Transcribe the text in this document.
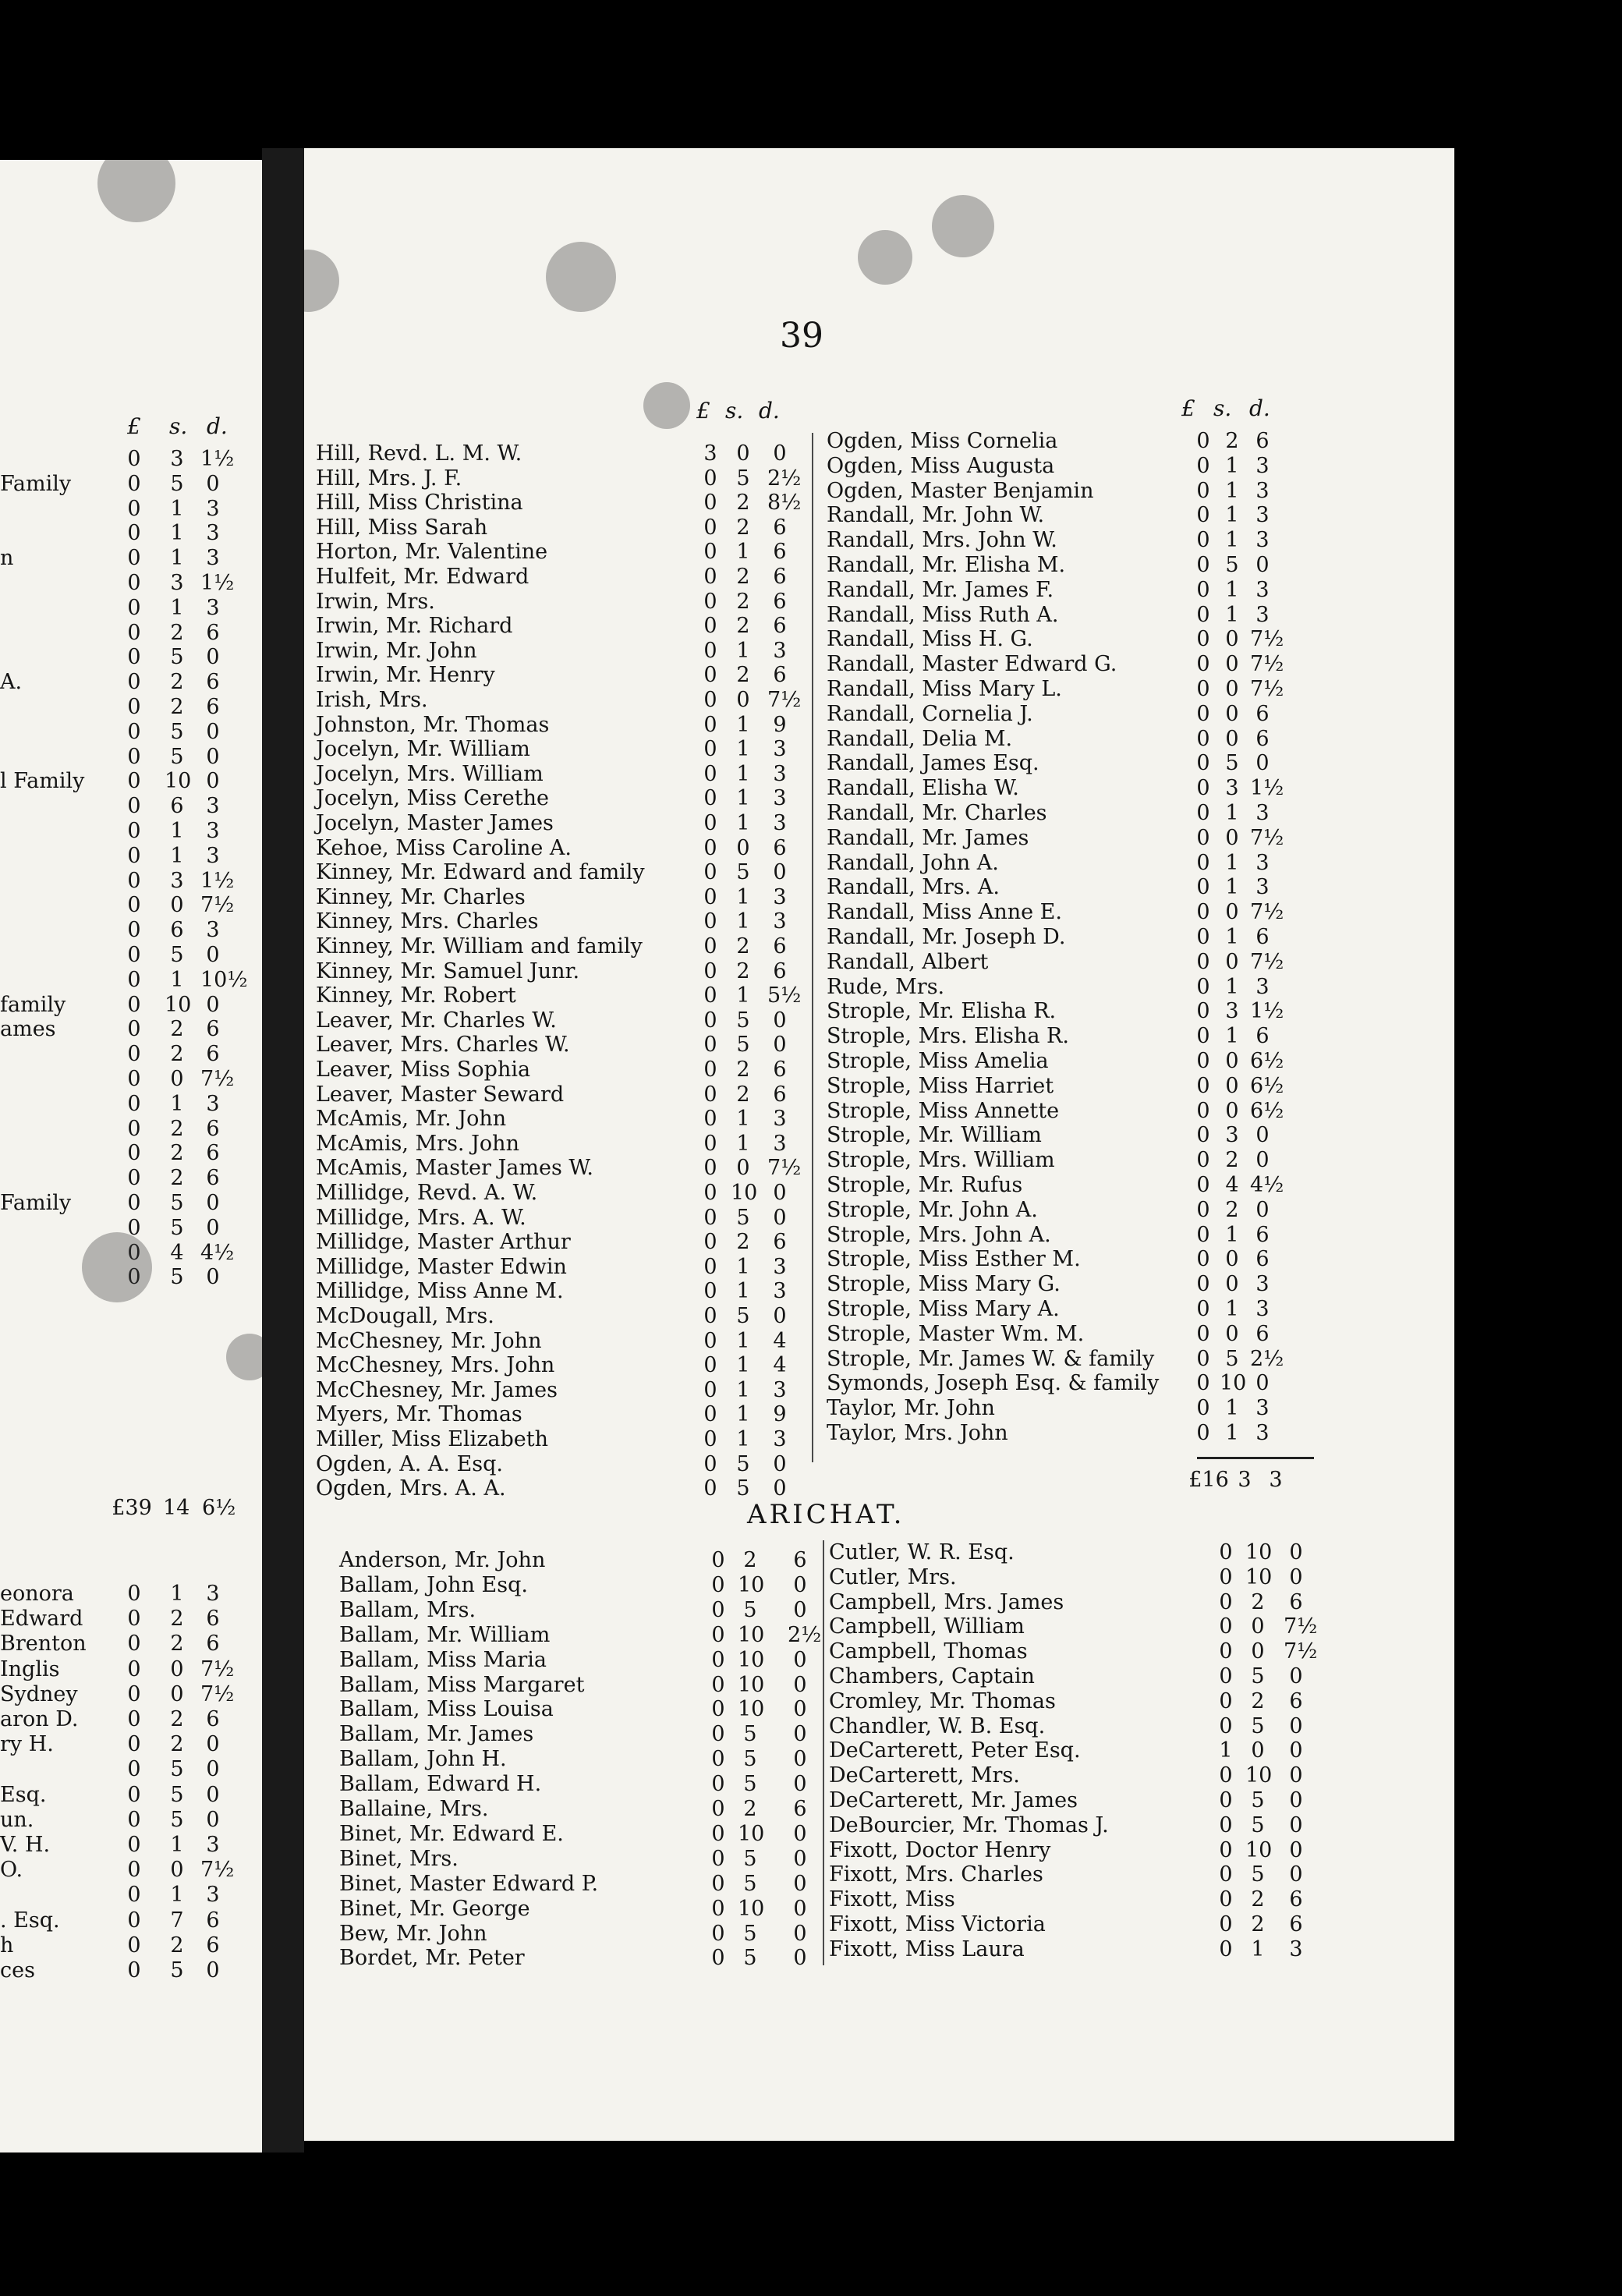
£ s. d.
0 3 1½
Family	0 5 0
0 1 3
0 1 3
n	0 1 3
0 3 1½
0 1 3
0 2 6
0 5 0
A.	0 2 6
0 2 6
0 5 0
0 5 0
l Family 0 10 0
0 6 3
0 1 3
0 1 3
0 3 1½
0 0 7½
0 6 3
0 5 0
0 1 10½
family	0 10 0
ames	0 2 6
0 2 6
0 0 7½
0 1 3
0 2 6
0 2 6
0 2 6
Family	0 5 0
0 5 0
0 4 4½
0 5 0
£39 14 6½
eonora	0 1 3
Edward 0 2 6
Brenton 0 2 6
Inglis	0 0 7½
Sydney 0 0 7½
aron D. 0 2 6
ry H.	0 2 0
0 5 0
Esq.	0 5 0
un.	0 5 0
V. H.	0 1 3
O.	0 0 7½
0 1 3
. Esq.	0 7 6
h	0 2 6
ces	0 5 0
39
£ s. d.	£ s. d.
Hill, Revd. L. M. W.	3 0 0
Hill, Mrs. J. F.	0 5 2½
Hill, Miss Christina	0 2 8½
Hill, Miss Sarah	0 2 6
Horton, Mr. Valentine	0 1 6
Hulfeit, Mr. Edward	0 2 6
Irwin, Mrs.	0 2 6
Irwin, Mr. Richard	0 2 6
Irwin, Mr. John	0 1 3
Irwin, Mr. Henry	0 2 6
Irish, Mrs.	0 0 7½
Johnston, Mr. Thomas	0 1 9
Jocelyn, Mr. William	0 1 3
Jocelyn, Mrs. William	0 1 3
Jocelyn, Miss Cerethe	0 1 3
Jocelyn, Master James	0 1 3
Kehoe, Miss Caroline A.	0 0 6
Kinney, Mr. Edward and family	0 5 0
Kinney, Mr. Charles	0 1 3
Kinney, Mrs. Charles	0 1 3
Kinney, Mr. William and family	0 2 6
Kinney, Mr. Samuel Junr.	0 2 6
Kinney, Mr. Robert	0 1 5½
Leaver, Mr. Charles W.	0 5 0
Leaver, Mrs. Charles W.	0 5 0
Leaver, Miss Sophia	0 2 6
Leaver, Master Seward	0 2 6
McAmis, Mr. John	0 1 3
McAmis, Mrs. John	0 1 3
McAmis, Master James W.	0 0 7½
Millidge, Revd. A. W.	0 10 0
Millidge, Mrs. A. W.	0 5 0
Millidge, Master Arthur	0 2 6
Millidge, Master Edwin	0 1 3
Millidge, Miss Anne M.	0 1 3
McDougall, Mrs.	0 5 0
McChesney, Mr. John	0 1 4
McChesney, Mrs. John	0 1 4
McChesney, Mr. James	0 1 3
Myers, Mr. Thomas	0 1 9
Miller, Miss Elizabeth	0 1 3
Ogden, A. A. Esq.	0 5 0
Ogden, Mrs. A. A.	0 5 0
Ogden, Miss Cornelia	0 2 6
Ogden, Miss Augusta	0 1 3
Ogden, Master Benjamin	0 1 3
Randall, Mr. John W.	0 1 3
Randall, Mrs. John W.	0 1 3
Randall, Mr. Elisha M.	0 5 0
Randall, Mr. James F.	0 1 3
Randall, Miss Ruth A.	0 1 3
Randall, Miss H. G.	0 0 7½
Randall, Master Edward G.	0 0 7½
Randall, Miss Mary L.	0 0 7½
Randall, Cornelia J.	0 0 6
Randall, Delia M.	0 0 6
Randall, James Esq.	0 5 0
Randall, Elisha W.	0 3 1½
Randall, Mr. Charles	0 1 3
Randall, Mr. James	0 0 7½
Randall, John A.	0 1 3
Randall, Mrs. A.	0 1 3
Randall, Miss Anne E.	0 0 7½
Randall, Mr. Joseph D.	0 1 6
Randall, Albert	0 0 7½
Rude, Mrs.	0 1 3
Strople, Mr. Elisha R.	0 3 1½
Strople, Mrs. Elisha R.	0 1 6
Strople, Miss Amelia	0 0 6½
Strople, Miss Harriet	0 0 6½
Strople, Miss Annette	0 0 6½
Strople, Mr. William	0 3 0
Strople, Mrs. William	0 2 0
Strople, Mr. Rufus	0 4 4½
Strople, Mr. John A.	0 2 0
Strople, Mrs. John A.	0 1 6
Strople, Miss Esther M.	0 0 6
Strople, Miss Mary G.	0 0 3
Strople, Miss Mary A.	0 1 3
Strople, Master Wm. M.	0 0 6
Strople, Mr. James W. & family 0 5 2½
Symonds, Joseph Esq. & family 0 10 0
Taylor, Mr. John	0 1 3
Taylor, Mrs. John	0 1 3
£16 3 3
ARICHAT.
Anderson, Mr. John	0 2 6
Ballam, John Esq.	0 10 0
Ballam, Mrs.	0 5 0
Ballam, Mr. William	0 10 2½
Ballam, Miss Maria	0 10 0
Ballam, Miss Margaret	0 10 0
Ballam, Miss Louisa	0 10 0
Ballam, Mr. James	0 5 0
Ballam, John H.	0 5 0
Ballam, Edward H.	0 5 0
Ballaine, Mrs.	0 2 6
Binet, Mr. Edward E.	0 10 0
Binet, Mrs.	0 5 0
Binet, Master Edward P.	0 5 0
Binet, Mr. George	0 10 0
Bew, Mr. John	0 5 0
Bordet, Mr. Peter	0 5 0
Cutler, W. R. Esq.	0 10 0
Cutler, Mrs.	0 10 0
Campbell, Mrs. James	0 2 6
Campbell, William	0 0 7½
Campbell, Thomas	0 0 7½
Chambers, Captain	0 5 0
Cromley, Mr. Thomas	0 2 6
Chandler, W. B. Esq.	0 5 0
DeCarterett, Peter Esq.	1 0 0
DeCarterett, Mrs.	0 10 0
DeCarterett, Mr. James	0 5 0
DeBourcier, Mr. Thomas J.	0 5 0
Fixott, Doctor Henry	0 10 0
Fixott, Mrs. Charles	0 5 0
Fixott, Miss	0 2 6
Fixott, Miss Victoria	0 2 6
Fixott, Miss Laura	0 1 3
